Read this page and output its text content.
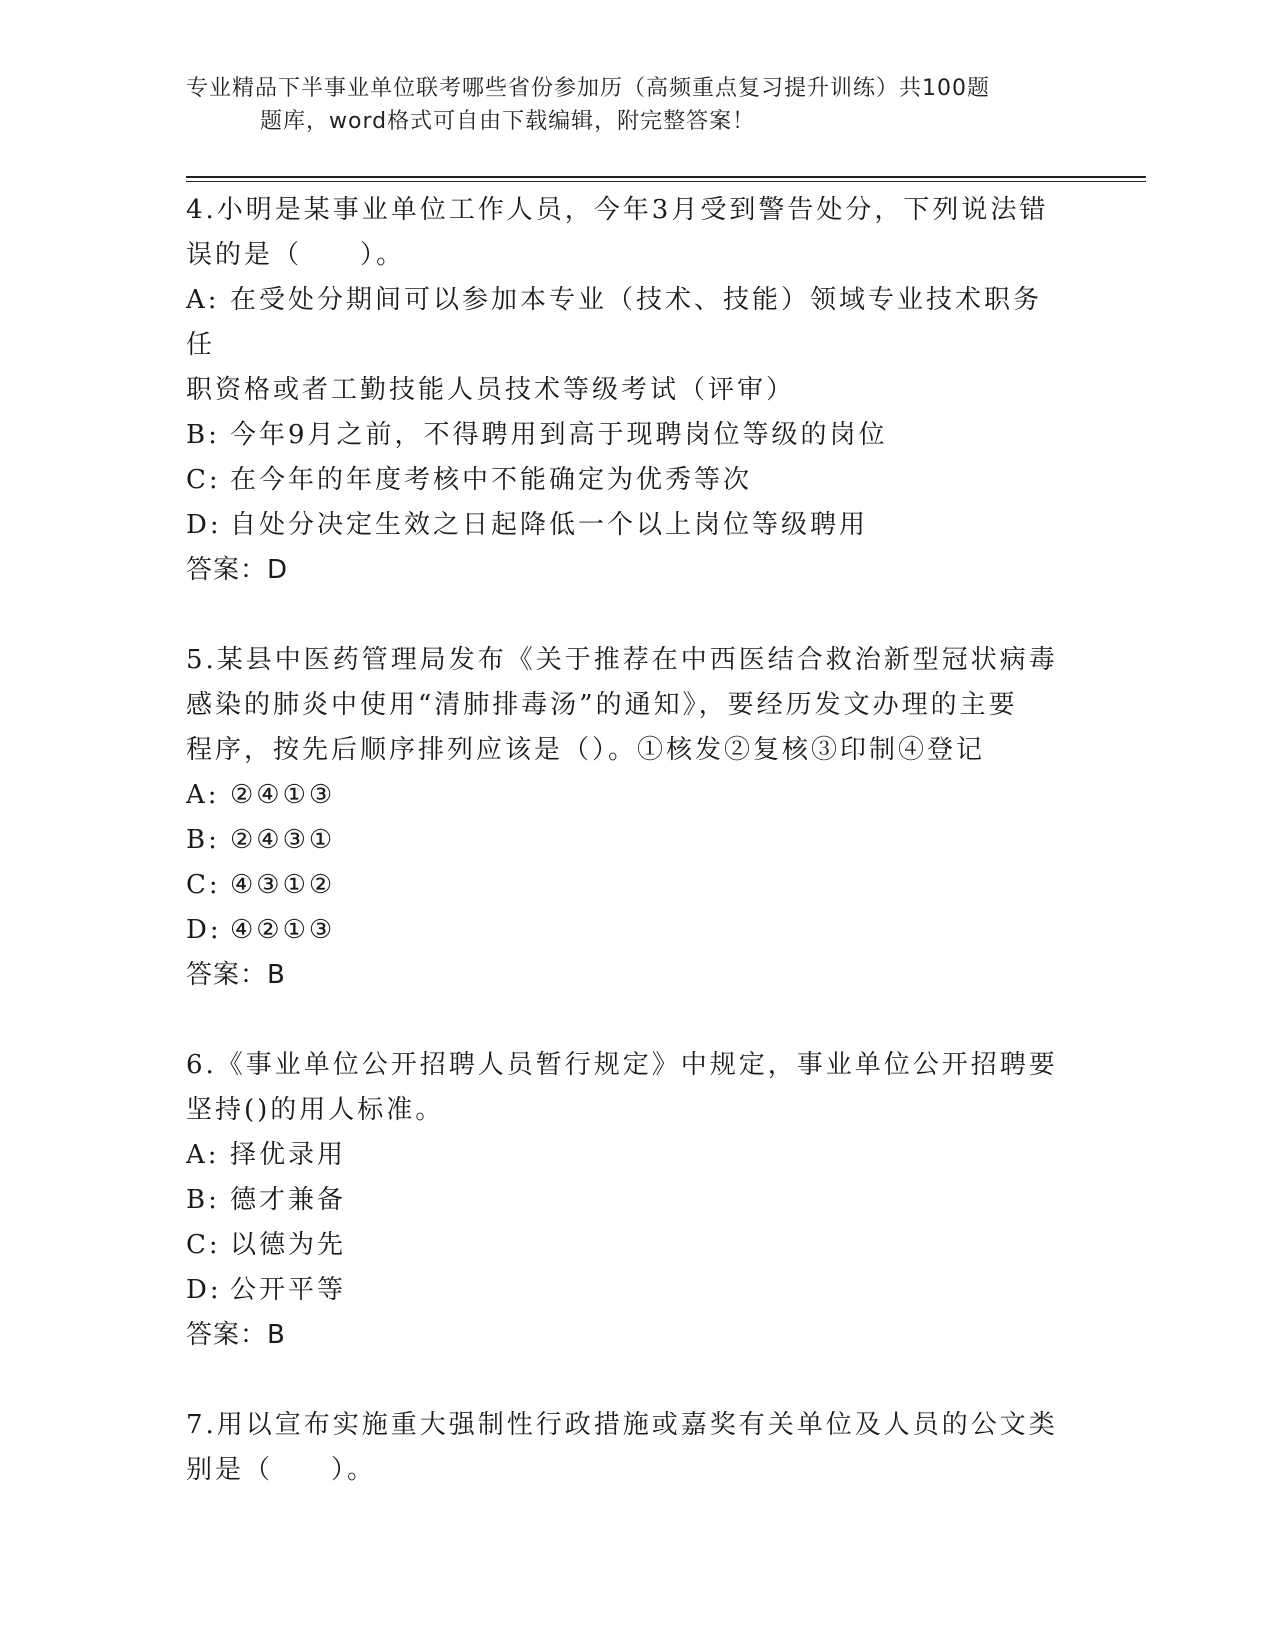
专业精品下半事业单位联考哪些省份参加历（高频重点复习提升训练）共100题
题库，word格式可自由下载编辑，附完整答案！

4.小明是某事业单位工作人员，今年3月受到警告处分，下列说法错

误的是（　　）。

A: 在受处分期间可以参加本专业（技术、技能）领域专业技术职务任

职资格或者工勤技能人员技术等级考试（评审）

B: 今年9月之前，不得聘用到高于现聘岗位等级的岗位

C: 在今年的年度考核中不能确定为优秀等次

D: 自处分决定生效之日起降低一个以上岗位等级聘用

答案：D

5.某县中医药管理局发布《关于推荐在中西医结合救治新型冠状病毒

感染的肺炎中使用“清肺排毒汤”的通知》，要经历发文办理的主要

程序，按先后顺序排列应该是（）。①核发②复核③印制④登记

A: ②④①③

B: ②④③①

C: ④③①②

D: ④②①③

答案：B

6.《事业单位公开招聘人员暂行规定》中规定，事业单位公开招聘要

坚持()的用人标准。

A: 择优录用

B: 德才兼备

C: 以德为先

D: 公开平等

答案：B

7.用以宣布实施重大强制性行政措施或嘉奖有关单位及人员的公文类

别是（　　）。
